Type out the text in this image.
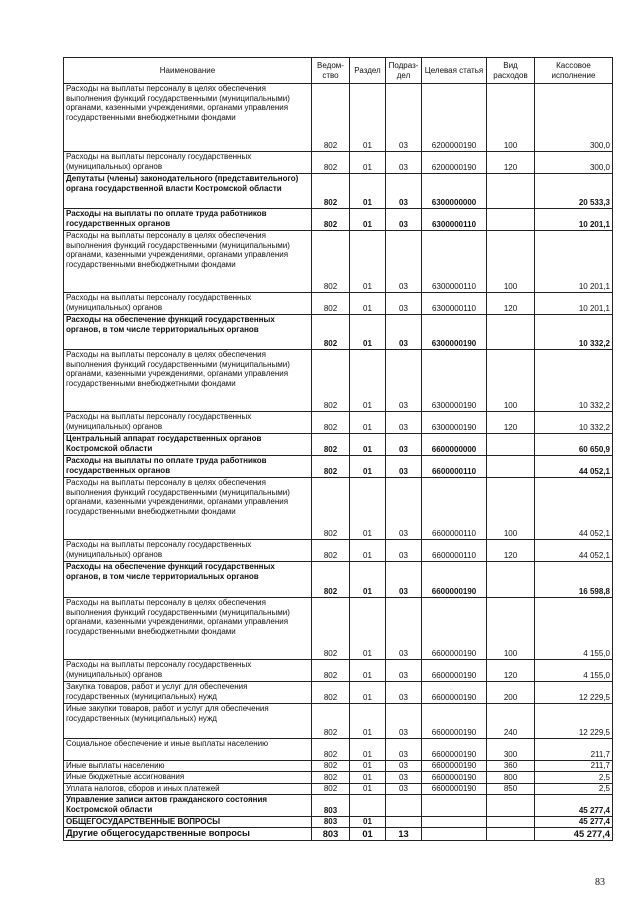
Наименование	Ведом-ство	Раздел	Подраз-дел	Целевая статья	Вид расходов	Кассовое исполнение
Расходы на выплаты персоналу в целях обеспечения выполнения функций государственными (муниципальными) органами, казенными учреждениями, органами управления государственными внебюджетными фондами	802	01	03	6200000190	100	300,0
Расходы на выплаты персоналу государственных (муниципальных) органов	802	01	03	6200000190	120	300,0
Депутаты (члены) законодательного (представительного) органа государственной власти Костромской области	802	01	03	6300000000		20 533,3
Расходы на выплаты по оплате труда работников государственных органов	802	01	03	6300000110		10 201,1
Расходы на выплаты персоналу в целях обеспечения выполнения функций государственными (муниципальными) органами, казенными учреждениями, органами управления государственными внебюджетными фондами	802	01	03	6300000110	100	10 201,1
Расходы на выплаты персоналу государственных (муниципальных) органов	802	01	03	6300000110	120	10 201,1
Расходы на обеспечение функций государственных органов, в том числе территориальных органов	802	01	03	6300000190		10 332,2
Расходы на выплаты персоналу в целях обеспечения выполнения функций государственными (муниципальными) органами, казенными учреждениями, органами управления государственными внебюджетными фондами	802	01	03	6300000190	100	10 332,2
Расходы на выплаты персоналу государственных (муниципальных) органов	802	01	03	6300000190	120	10 332,2
Центральный аппарат государственных органов Костромской области	802	01	03	6600000000		60 650,9
Расходы на выплаты по оплате труда работников государственных органов	802	01	03	6600000110		44 052,1
Расходы на выплаты персоналу в целях обеспечения выполнения функций государственными (муниципальными) органами, казенными учреждениями, органами управления государственными внебюджетными фондами	802	01	03	6600000110	100	44 052,1
Расходы на выплаты персоналу государственных (муниципальных) органов	802	01	03	6600000110	120	44 052,1
Расходы на обеспечение функций государственных органов, в том числе территориальных органов	802	01	03	6600000190		16 598,8
Расходы на выплаты персоналу в целях обеспечения выполнения функций государственными (муниципальными) органами, казенными учреждениями, органами управления государственными внебюджетными фондами	802	01	03	6600000190	100	4 155,0
Расходы на выплаты персоналу государственных (муниципальных) органов	802	01	03	6600000190	120	4 155,0
Закупка товаров, работ и услуг для обеспечения государственных (муниципальных) нужд	802	01	03	6600000190	200	12 229,5
Иные закупки товаров, работ и услуг для обеспечения государственных (муниципальных) нужд	802	01	03	6600000190	240	12 229,5
Социальное обеспечение и иные выплаты населению	802	01	03	6600000190	300	211,7
Иные выплаты населению	802	01	03	6600000190	360	211,7
Иные бюджетные ассигнования	802	01	03	6600000190	800	2,5
Уплата налогов, сборов и иных платежей	802	01	03	6600000190	850	2,5
Управление записи актов гражданского состояния Костромской области	803					45 277,4
ОБЩЕГОСУДАРСТВЕННЫЕ ВОПРОСЫ	803	01				45 277,4
Другие общегосударственные вопросы	803	01	13			45 277,4
83
